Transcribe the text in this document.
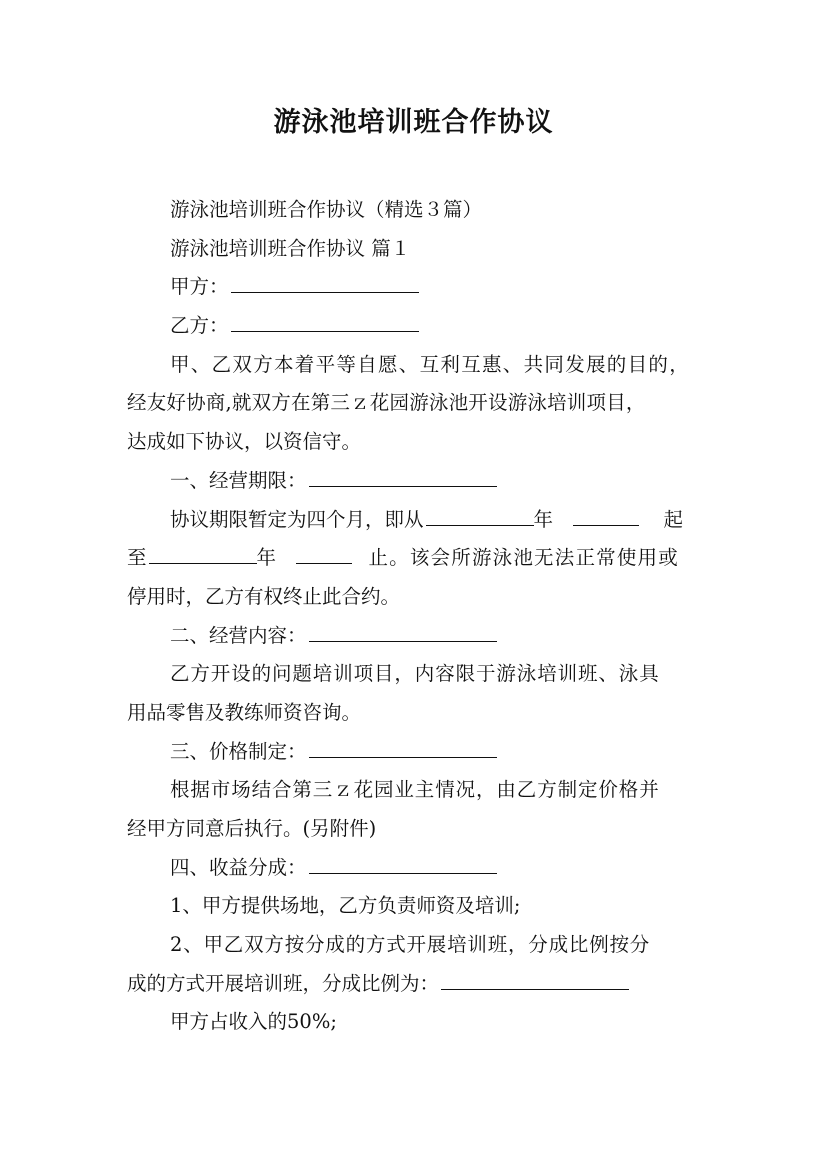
游泳池培训班合作协议
游泳池培训班合作协议（精选３篇）
游泳池培训班合作协议 篇１
甲方：
乙方：
甲、乙双方本着平等自愿、互利互惠、共同发展的目的，
经友好协商,就双方在第三ｚ花园游泳池开设游泳培训项目，
达成如下协议，以资信守。
一、经营期限：
协议期限暂定为四个月，即从	年	起
至	年	止。该会所游泳池无法正常使用或
停用时，乙方有权终止此合约。
二、经营内容：
乙方开设的问题培训项目，内容限于游泳培训班、泳具
用品零售及教练师资咨询。
三、价格制定：
根据市场结合第三ｚ花园业主情况，由乙方制定价格并
经甲方同意后执行。(另附件)
四、收益分成：
1、甲方提供场地，乙方负责师资及培训;
2、甲乙双方按分成的方式开展培训班，分成比例按分
成的方式开展培训班，分成比例为：
甲方占收入的50%;
